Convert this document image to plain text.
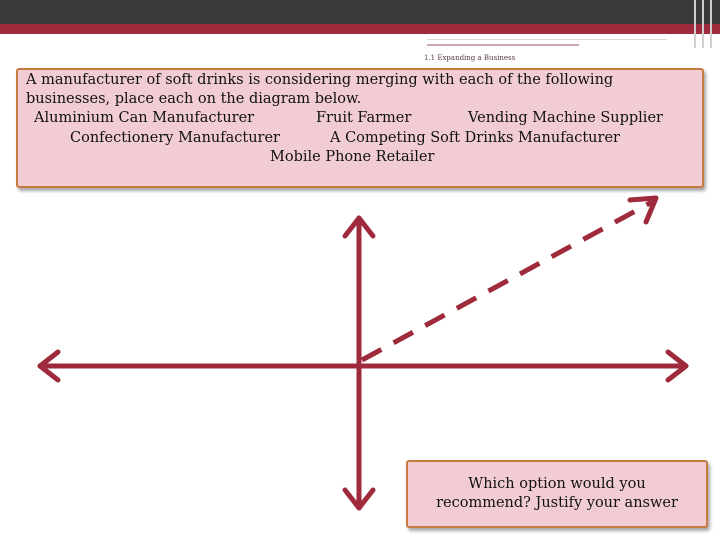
1.1 Expanding a Business
A manufacturer of soft drinks is considering merging with each of the following
businesses, place each on the diagram below.
Aluminium Can Manufacturer	Fruit Farmer	Vending Machine Supplier
Confectionery Manufacturer	A Competing Soft Drinks Manufacturer
Mobile Phone Retailer
Which option would you
recommend? Justify your answer
